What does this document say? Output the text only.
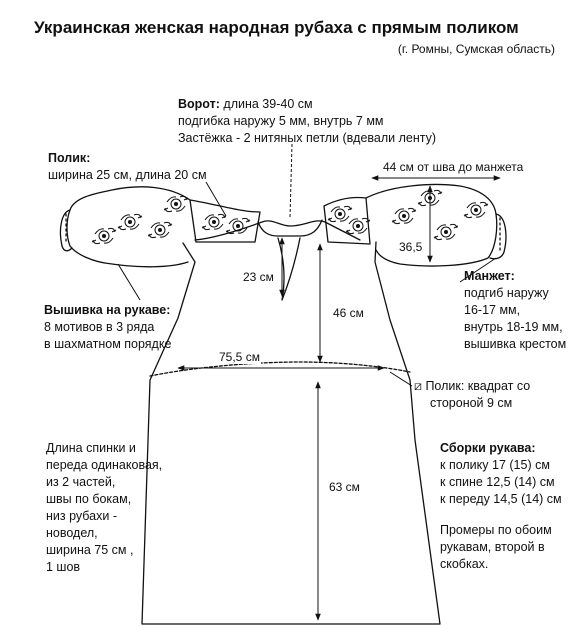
Украинская женская народная рубаха с прямым поликом
(г. Ромны, Сумская область)
Ворот: длина 39-40 см
подгибка наружу 5 мм, внутрь 7 мм
Застёжка - 2 нитяных петли (вдевали ленту)
Полик:
ширина 25 см, длина 20 см
Вышивка на рукаве:
8 мотивов в 3 ряда
в шахматном порядке
Манжет:
подгиб наружу
16-17 мм,
внутрь 18-19 мм,
вышивка крестом
⧄ Полик: квадрат со
стороной 9 см
Длина спинки и
переда одинаковая,
из 2 частей,
швы по бокам,
низ рубахи -
новодел,
ширина 75 см ,
1 шов
Сборки рукава:
к полику 17 (15) см
к спине 12,5 (14) см
к переду 14,5 (14) см
Промеры по обоим
рукавам, второй в
скобках.
44 см от шва до манжета
36,5
23 см
46 см
75,5 см
63 см
